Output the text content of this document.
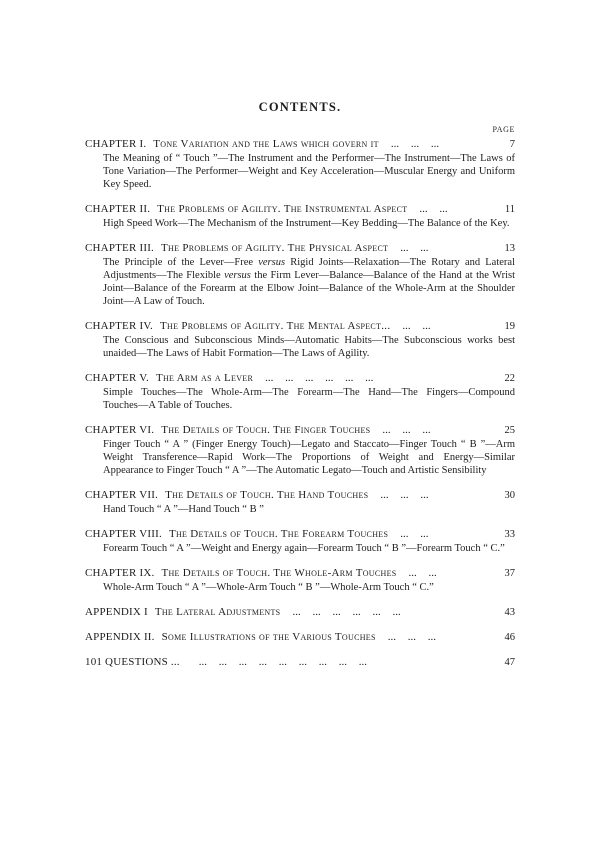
CONTENTS.
PAGE
CHAPTER I. Tone Variation and the Laws which govern it ... ... ...	7
The Meaning of “ Touch ”—The Instrument and the Performer—The Instrument—The Laws of Tone Variation—The Performer—Weight and Key Acceleration—Muscular Energy and Uniform Key Speed.
CHAPTER II. The Problems of Agility. The Instrumental Aspect ... ...	11
High Speed Work—The Mechanism of the Instrument—Key Bedding—The Balance of the Key.
CHAPTER III. The Problems of Agility. The Physical Aspect ... ...	13
The Principle of the Lever—Free versus Rigid Joints—Relaxation—The Rotary and Lateral Adjustments—The Flexible versus the Firm Lever—Balance—Balance of the Hand at the Wrist Joint—Balance of the Forearm at the Elbow Joint—Balance of the Whole-Arm at the Shoulder Joint—A Law of Touch.
CHAPTER IV. The Problems of Agility. The Mental Aspect... ... ...	19
The Conscious and Subconscious Minds—Automatic Habits—The Subconscious works best unaided—The Laws of Habit Formation—The Laws of Agility.
CHAPTER V. The Arm as a Lever ... ... ... ... ... ...	22
Simple Touches—The Whole-Arm—The Forearm—The Hand—The Fingers—Compound Touches—A Table of Touches.
CHAPTER VI. The Details of Touch. The Finger Touches ... ... ...	25
Finger Touch “ A ” (Finger Energy Touch)—Legato and Staccato—Finger Touch “ B ”—Arm Weight Transference—Rapid Work—The Proportions of Weight and Energy—Similar Appearance to Finger Touch “ A ”—The Automatic Legato—Touch and Artistic Sensibility
CHAPTER VII. The Details of Touch. The Hand Touches ... ... ...	30
Hand Touch “ A ”—Hand Touch “ B ”
CHAPTER VIII. The Details of Touch. The Forearm Touches ... ...	33
Forearm Touch “ A ”—Weight and Energy again—Forearm Touch “ B ”—Forearm Touch “ C.”
CHAPTER IX. The Details of Touch. The Whole-Arm Touches ... ...	37
Whole-Arm Touch “ A ”—Whole-Arm Touch “ B ”—Whole-Arm Touch “ C.”
APPENDIX I The Lateral Adjustments ... ... ... ... ... ...	43
APPENDIX II. Some Illustrations of the Various Touches ... ... ...	46
101 QUESTIONS ... ... ... ... ... ... ... ... ... ...	47
